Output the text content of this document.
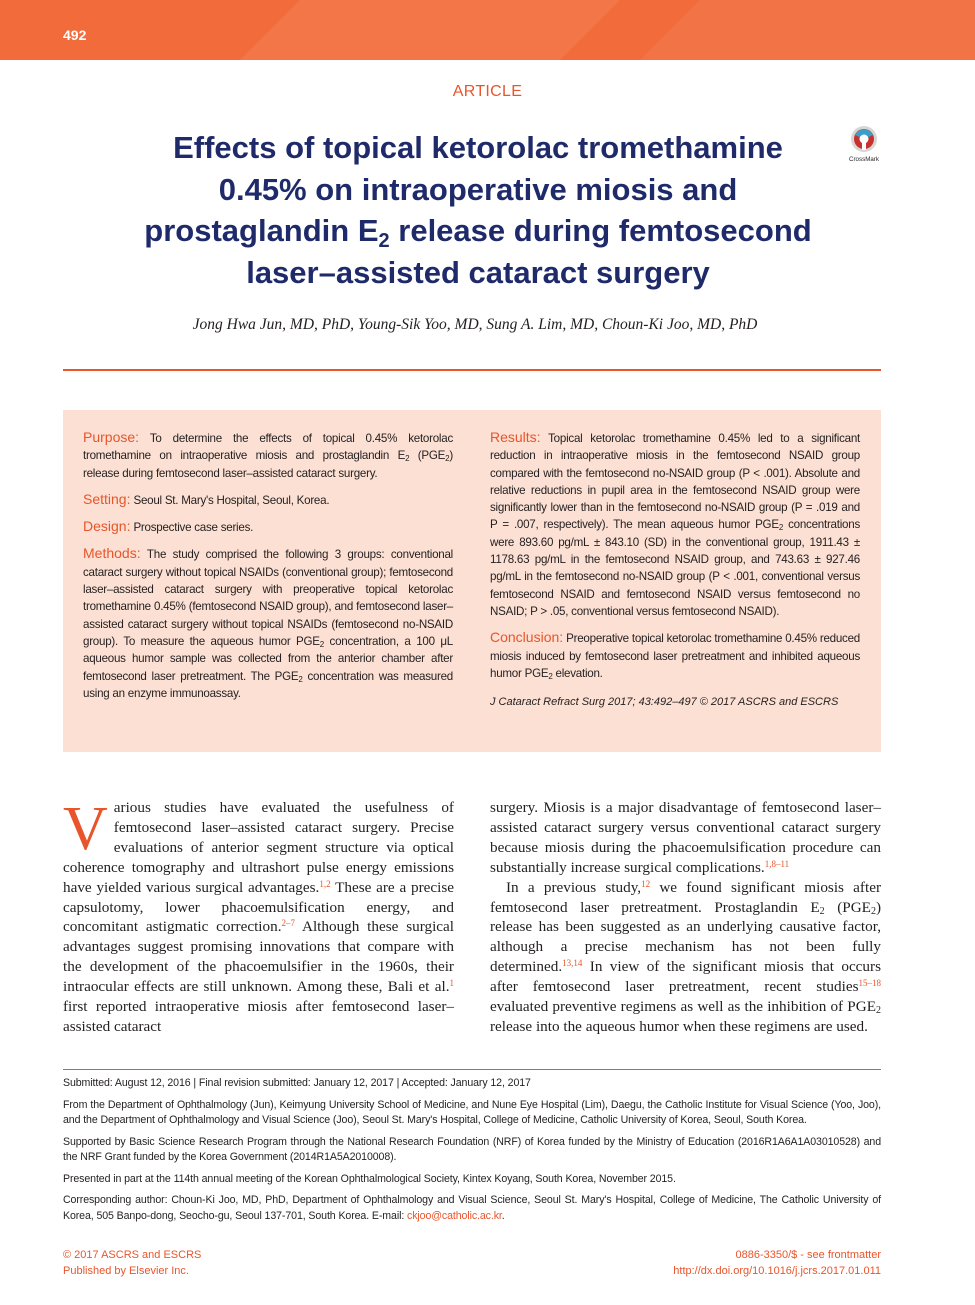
492
ARTICLE
Effects of topical ketorolac tromethamine
0.45% on intraoperative miosis and
prostaglandin $E_2$ release during femtosecond
laser–assisted cataract surgery
CrossMark
Jong Hwa Jun, MD, PhD, Young-Sik Yoo, MD, Sung A. Lim, MD, Choun-Ki Joo, MD, PhD

Purpose: To determine the effects of topical 0.45% ketorolac tromethamine on intraoperative miosis and prostaglandin $E_2$ $(PGE_2)$ release during femtosecond laser–assisted cataract surgery.

Setting: Seoul St. Mary's Hospital, Seoul, Korea.

Design: Prospective case series.

Methods: The study comprised the following 3 groups: conventional cataract surgery without topical NSAIDs (conventional group); femtosecond laser–assisted cataract surgery with preoperative topical ketorolac tromethamine 0.45% (femtosecond NSAID group), and femtosecond laser–assisted cataract surgery without topical NSAIDs (femtosecond no-NSAID group). To measure the aqueous humor $PGE_2$ concentration, a 100 μL aqueous humor sample was collected from the anterior chamber after femtosecond laser pretreatment. The $PGE_2$ concentration was measured using an enzyme immunoassay.

Results: Topical ketorolac tromethamine 0.45% led to a significant reduction in intraoperative miosis in the femtosecond NSAID group compared with the femtosecond no-NSAID group (P < .001). Absolute and relative reductions in pupil area in the femtosecond NSAID group were significantly lower than in the femtosecond no-NSAID group (P = .019 and P = .007, respectively). The mean aqueous humor $PGE_2$ concentrations were 893.60 pg/mL ± 843.10 (SD) in the conventional group, 1911.43 ± 1178.63 pg/mL in the femtosecond NSAID group, and 743.63 ± 927.46 pg/mL in the femtosecond no-NSAID group (P < .001, conventional versus femtosecond NSAID and femtosecond NSAID versus femtosecond no NSAID; P > .05, conventional versus femtosecond NSAID).

Conclusion: Preoperative topical ketorolac tromethamine 0.45% reduced miosis induced by femtosecond laser pretreatment and inhibited aqueous humor $PGE_2$ elevation.

J Cataract Refract Surg 2017; 43:492–497 © 2017 ASCRS and ESCRS

V arious studies have evaluated the usefulness of femtosecond laser–assisted cataract surgery. Precise evaluations of anterior segment structure via optical coherence tomography and ultrashort pulse energy emissions have yielded various surgical advantages.$^{1,2}$ These are a precise capsulotomy, lower phacoemulsification energy, and concomitant astigmatic correction.$^{2-7}$ Although these surgical advantages suggest promising innovations that compare with the development of the phacoemulsifier in the 1960s, their intraocular effects are still unknown. Among these, Bali et al.$^1$ first reported intraoperative miosis after femtosecond laser–assisted cataract
surgery. Miosis is a major disadvantage of femtosecond laser–assisted cataract surgery versus conventional cataract surgery because miosis during the phacoemulsification procedure can substantially increase surgical complications.$^{1,8-11}$
In a previous study,$^{12}$ we found significant miosis after femtosecond laser pretreatment. Prostaglandin $E_2$ $(PGE_2)$ release has been suggested as an underlying causative factor, although a precise mechanism has not been fully determined.$^{13,14}$ In view of the significant miosis that occurs after femtosecond laser pretreatment, recent studies$^{15-18}$ evaluated preventive regimens as well as the inhibition of $PGE_2$ release into the aqueous humor when these regimens are used.

Submitted: August 12, 2016 | Final revision submitted: January 12, 2017 | Accepted: January 12, 2017

From the Department of Ophthalmology (Jun), Keimyung University School of Medicine, and Nune Eye Hospital (Lim), Daegu, the Catholic Institute for Visual Science (Yoo, Joo), and the Department of Ophthalmology and Visual Science (Joo), Seoul St. Mary's Hospital, College of Medicine, Catholic University of Korea, Seoul, South Korea.

Supported by Basic Science Research Program through the National Research Foundation (NRF) of Korea funded by the Ministry of Education (2016R1A6A1A03010528) and the NRF Grant funded by the Korea Government (2014R1A5A2010008).

Presented in part at the 114th annual meeting of the Korean Ophthalmological Society, Kintex Koyang, South Korea, November 2015.

Corresponding author: Choun-Ki Joo, MD, PhD, Department of Ophthalmology and Visual Science, Seoul St. Mary's Hospital, College of Medicine, The Catholic University of Korea, 505 Banpo-dong, Seocho-gu, Seoul 137-701, South Korea. E-mail: ckjoo@catholic.ac.kr.

© 2017 ASCRS and ESCRS
Published by Elsevier Inc.
0886-3350/$ - see frontmatter
http://dx.doi.org/10.1016/j.jcrs.2017.01.011
